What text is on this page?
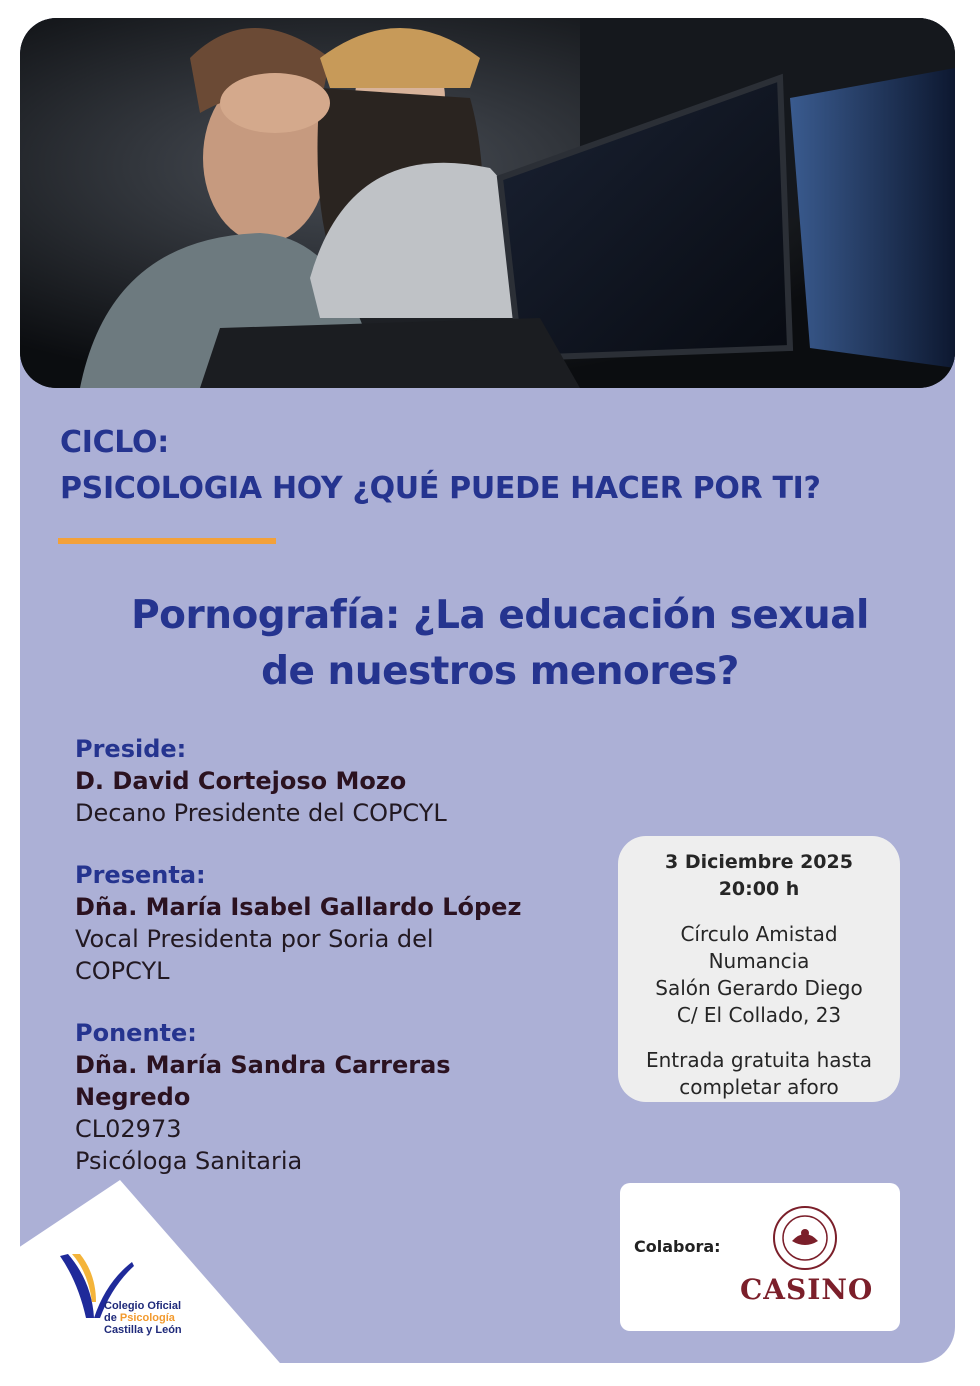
CICLO:
PSICOLOGIA HOY ¿QUÉ PUEDE HACER POR TI?
Pornografía: ¿La educación sexual
de nuestros menores?
Preside:
D. David Cortejoso Mozo
Decano Presidente del COPCYL
Presenta:
Dña. María Isabel Gallardo López
Vocal Presidenta por Soria del
COPCYL
Ponente:
Dña. María Sandra Carreras
Negredo
CL02973
Psicóloga Sanitaria
3 Diciembre 2025
20:00 h
Círculo Amistad
Numancia
Salón Gerardo Diego
C/ El Collado, 23
Entrada gratuita hasta
completar aforo
Colabora:
CASINO
Colegio Oficial
de Psicología
Castilla y León
